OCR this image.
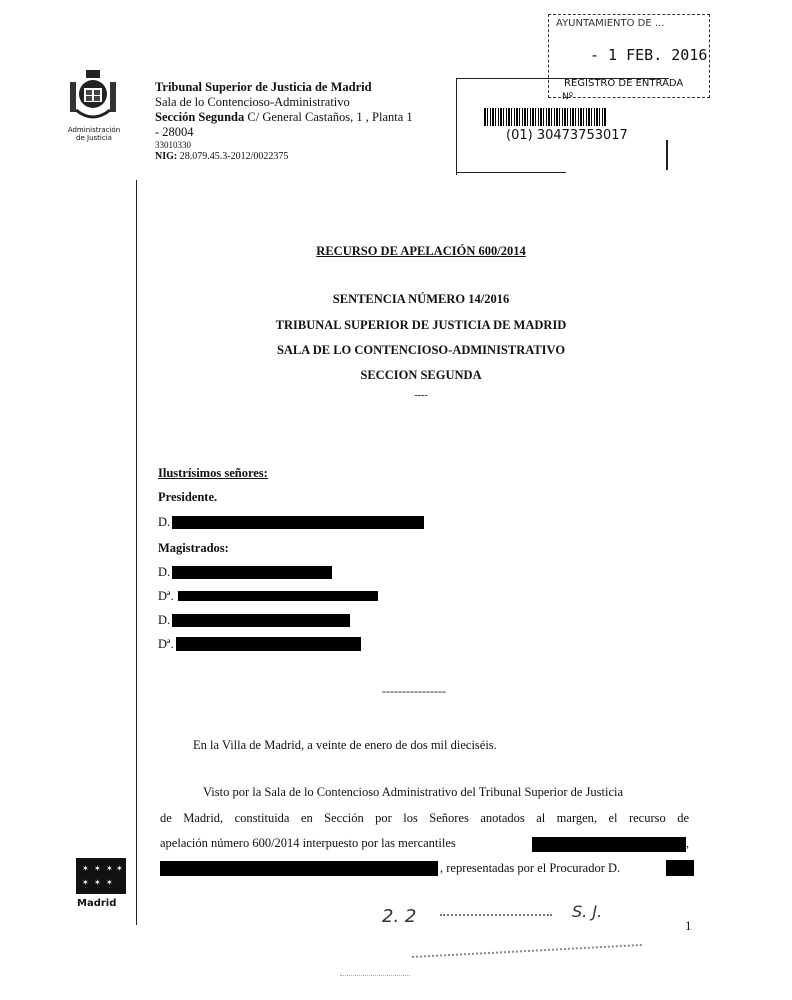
Administración
de Justicia
Tribunal Superior de Justicia de Madrid
Sala de lo Contencioso-Administrativo
Sección Segunda C/ General Castaños, 1 , Planta 1
- 28004
33010330
NIG: 28.079.45.3-2012/0022375
AYUNTAMIENTO DE ...
- 1 FEB. 2016
REGISTRO DE ENTRADA
Nº
(01) 30473753017
RECURSO DE APELACIÓN 600/2014
SENTENCIA NÚMERO 14/2016
TRIBUNAL SUPERIOR DE JUSTICIA DE MADRID
SALA DE LO CONTENCIOSO-ADMINISTRATIVO
SECCION SEGUNDA
----
Ilustrísimos señores:
Presidente.
D.
Magistrados:
D.
Dª.
D.
Dª.
----------------
En la Villa de Madrid, a veinte de enero de dos mil dieciséis.
Visto por la Sala de lo Contencioso Administrativo del Tribunal Superior de Justicia
de Madrid, constituida en Sección por los Señores anotados al margen, el recurso de
apelación número 600/2014 interpuesto por las mercantiles	,
, representadas por el Procurador D.
✶ ✶ ✶ ✶
✶ ✶ ✶
Madrid
2. 2	S. J.
1
